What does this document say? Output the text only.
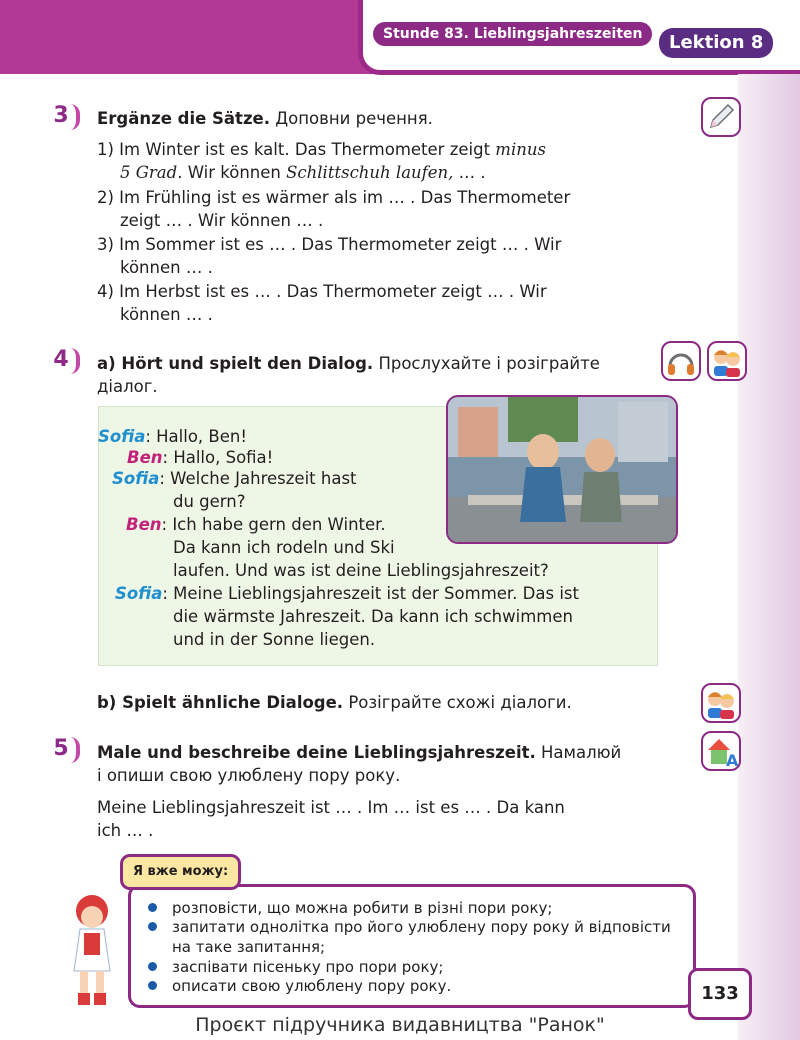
Stunde 83. Lieblingsjahreszeiten	Lektion 8
3	Ergänze die Sätze. Доповни речення.

1) Im Winter ist es kalt. Das Thermometer zeigt minus

5 Grad. Wir können Schlittschuh laufen, … .

2) Im Frühling ist es wärmer als im … . Das Thermometer

zeigt … . Wir können … .

3) Im Sommer ist es … . Das Thermometer zeigt … . Wir

können … .

4) Im Herbst ist es … . Das Thermometer zeigt … . Wir

können … .

4	a) Hört und spielt den Dialog. Прослухайте і розіграйте

діалог.

Sofia: Hallo, Ben!
Ben: Hallo, Sofia!
Sofia: Welche Jahreszeit hast
du gern?
Ben: Ich habe gern den Winter.
Da kann ich rodeln und Ski
laufen. Und was ist deine Lieblingsjahreszeit?
Sofia: Meine Lieblingsjahreszeit ist der Sommer. Das ist
die wärmste Jahreszeit. Da kann ich schwimmen
und in der Sonne liegen.

b) Spielt ähnliche Dialoge. Розіграйте схожі діалоги.

5	Male und beschreibe deine Lieblingsjahreszeit. Намалюй

і опиши свою улюблену пору року.

A

Meine Lieblingsjahreszeit ist … . Im … ist es … . Da kann

ich … .

Я вже можу:
розповісти, що можна робити в різні пори року;
запитати однолітка про його улюблену пору року й відповісти
на таке запитання;
заспівати пісеньку про пори року;
описати свою улюблену пору року.	133
Проєкт підручника видавництва "Ранок"
